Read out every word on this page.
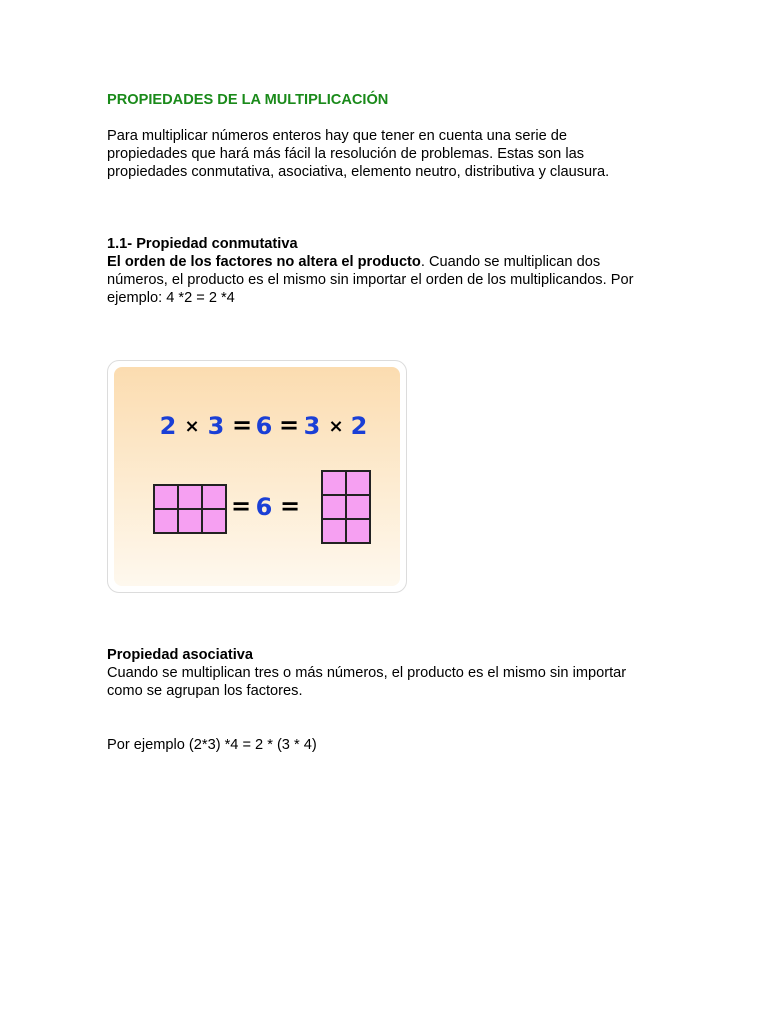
PROPIEDADES DE LA MULTIPLICACIÓN

Para multiplicar números enteros hay que tener en cuenta una serie de

propiedades que hará más fácil la resolución de problemas. Estas son las

propiedades conmutativa, asociativa, elemento neutro, distributiva y clausura.

1.1- Propiedad conmutativa

El orden de los factores no altera el producto. Cuando se multiplican dos

números, el producto es el mismo sin importar el orden de los multiplicandos. Por

ejemplo: 4 *2 = 2 *4

2 × 3 = 6 = 3 × 2
= 6 =
Propiedad asociativa

Cuando se multiplican tres o más números, el producto es el mismo sin importar

como se agrupan los factores.

Por ejemplo (2*3) *4 = 2 * (3 * 4)
